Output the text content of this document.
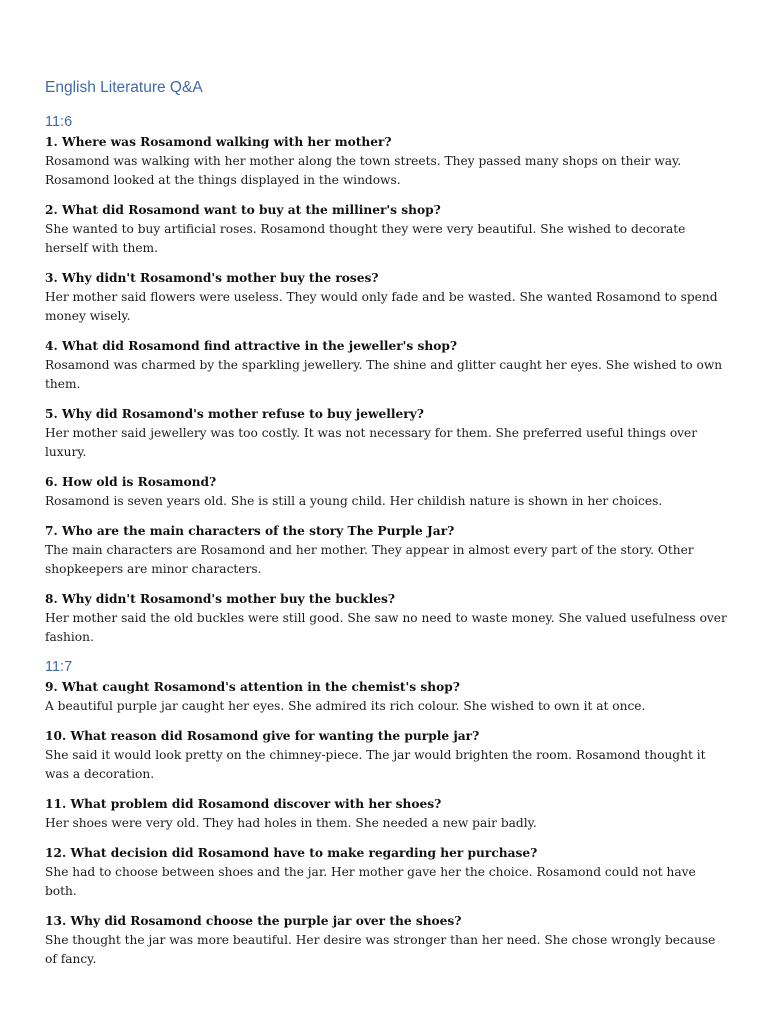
English Literature Q&A
11:6

1. Where was Rosamond walking with her mother?

Rosamond was walking with her mother along the town streets. They passed many shops on their way. Rosamond looked at the things displayed in the windows.

2. What did Rosamond want to buy at the milliner's shop?

She wanted to buy artificial roses. Rosamond thought they were very beautiful. She wished to decorate herself with them.

3. Why didn't Rosamond's mother buy the roses?

Her mother said flowers were useless. They would only fade and be wasted. She wanted Rosamond to spend money wisely.

4. What did Rosamond find attractive in the jeweller's shop?

Rosamond was charmed by the sparkling jewellery. The shine and glitter caught her eyes. She wished to own them.

5. Why did Rosamond's mother refuse to buy jewellery?

Her mother said jewellery was too costly. It was not necessary for them. She preferred useful things over luxury.

6. How old is Rosamond?

Rosamond is seven years old. She is still a young child. Her childish nature is shown in her choices.

7. Who are the main characters of the story The Purple Jar?

The main characters are Rosamond and her mother. They appear in almost every part of the story. Other shopkeepers are minor characters.

8. Why didn't Rosamond's mother buy the buckles?

Her mother said the old buckles were still good. She saw no need to waste money. She valued usefulness over fashion.

11:7

9. What caught Rosamond's attention in the chemist's shop?

A beautiful purple jar caught her eyes. She admired its rich colour. She wished to own it at once.

10. What reason did Rosamond give for wanting the purple jar?

She said it would look pretty on the chimney-piece. The jar would brighten the room. Rosamond thought it was a decoration.

11. What problem did Rosamond discover with her shoes?

Her shoes were very old. They had holes in them. She needed a new pair badly.

12. What decision did Rosamond have to make regarding her purchase?

She had to choose between shoes and the jar. Her mother gave her the choice. Rosamond could not have both.

13. Why did Rosamond choose the purple jar over the shoes?

She thought the jar was more beautiful. Her desire was stronger than her need. She chose wrongly because of fancy.
